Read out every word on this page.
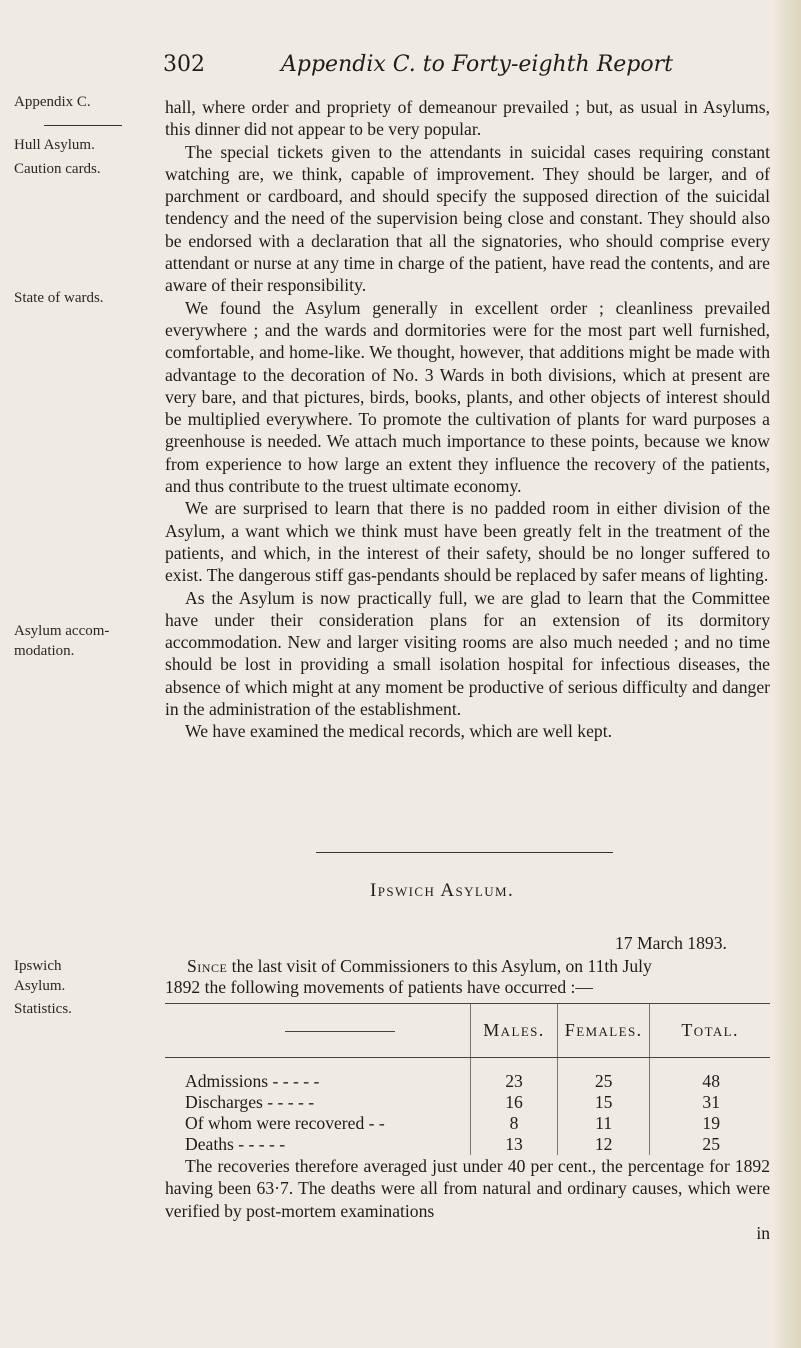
302	Appendix C. to Forty-eighth Report
Appendix C.
Hull Asylum.
Caution cards.
State of wards.
Asylum accom-
modation.
Ipswich
Asylum.
Statistics.

hall, where order and propriety of demeanour prevailed ; but, as usual in Asylums, this dinner did not appear to be very popular.

The special tickets given to the attendants in suicidal cases requiring constant watching are, we think, capable of improvement. They should be larger, and of parchment or cardboard, and should specify the supposed direction of the suicidal tendency and the need of the supervision being close and constant. They should also be endorsed with a declaration that all the signatories, who should comprise every attendant or nurse at any time in charge of the patient, have read the contents, and are aware of their responsibility.

We found the Asylum generally in excellent order ; cleanliness prevailed everywhere ; and the wards and dormitories were for the most part well furnished, comfortable, and home-like. We thought, however, that additions might be made with advantage to the decoration of No. 3 Wards in both divisions, which at present are very bare, and that pictures, birds, books, plants, and other objects of interest should be multiplied everywhere. To promote the cultivation of plants for ward purposes a greenhouse is needed. We attach much importance to these points, because we know from experience to how large an extent they influence the recovery of the patients, and thus contribute to the truest ultimate economy.

We are surprised to learn that there is no padded room in either division of the Asylum, a want which we think must have been greatly felt in the treatment of the patients, and which, in the interest of their safety, should be no longer suffered to exist. The dangerous stiff gas-pendants should be replaced by safer means of lighting.

As the Asylum is now practically full, we are glad to learn that the Committee have under their consideration plans for an extension of its dormitory accommodation. New and larger visiting rooms are also much needed ; and no time should be lost in providing a small isolation hospital for infectious diseases, the absence of which might at any moment be productive of serious difficulty and danger in the administration of the establishment.

We have examined the medical records, which are well kept.

Ipswich Asylum.
17 March 1893.
Since the last visit of Commissioners to this Asylum, on 11th July
1892 the following movements of patients have occurred :—
	Males.	Females.	Total.

Admissions - - - - -	23	25	48
Discharges - - - - -	16	15	31
Of whom were recovered - -	8	11	19
Deaths - - - - -	13	12	25
The recoveries therefore averaged just under 40 per cent., the percentage for 1892 having been 63·7. The deaths were all from natural and ordinary causes, which were verified by post-mortem examinations
in
